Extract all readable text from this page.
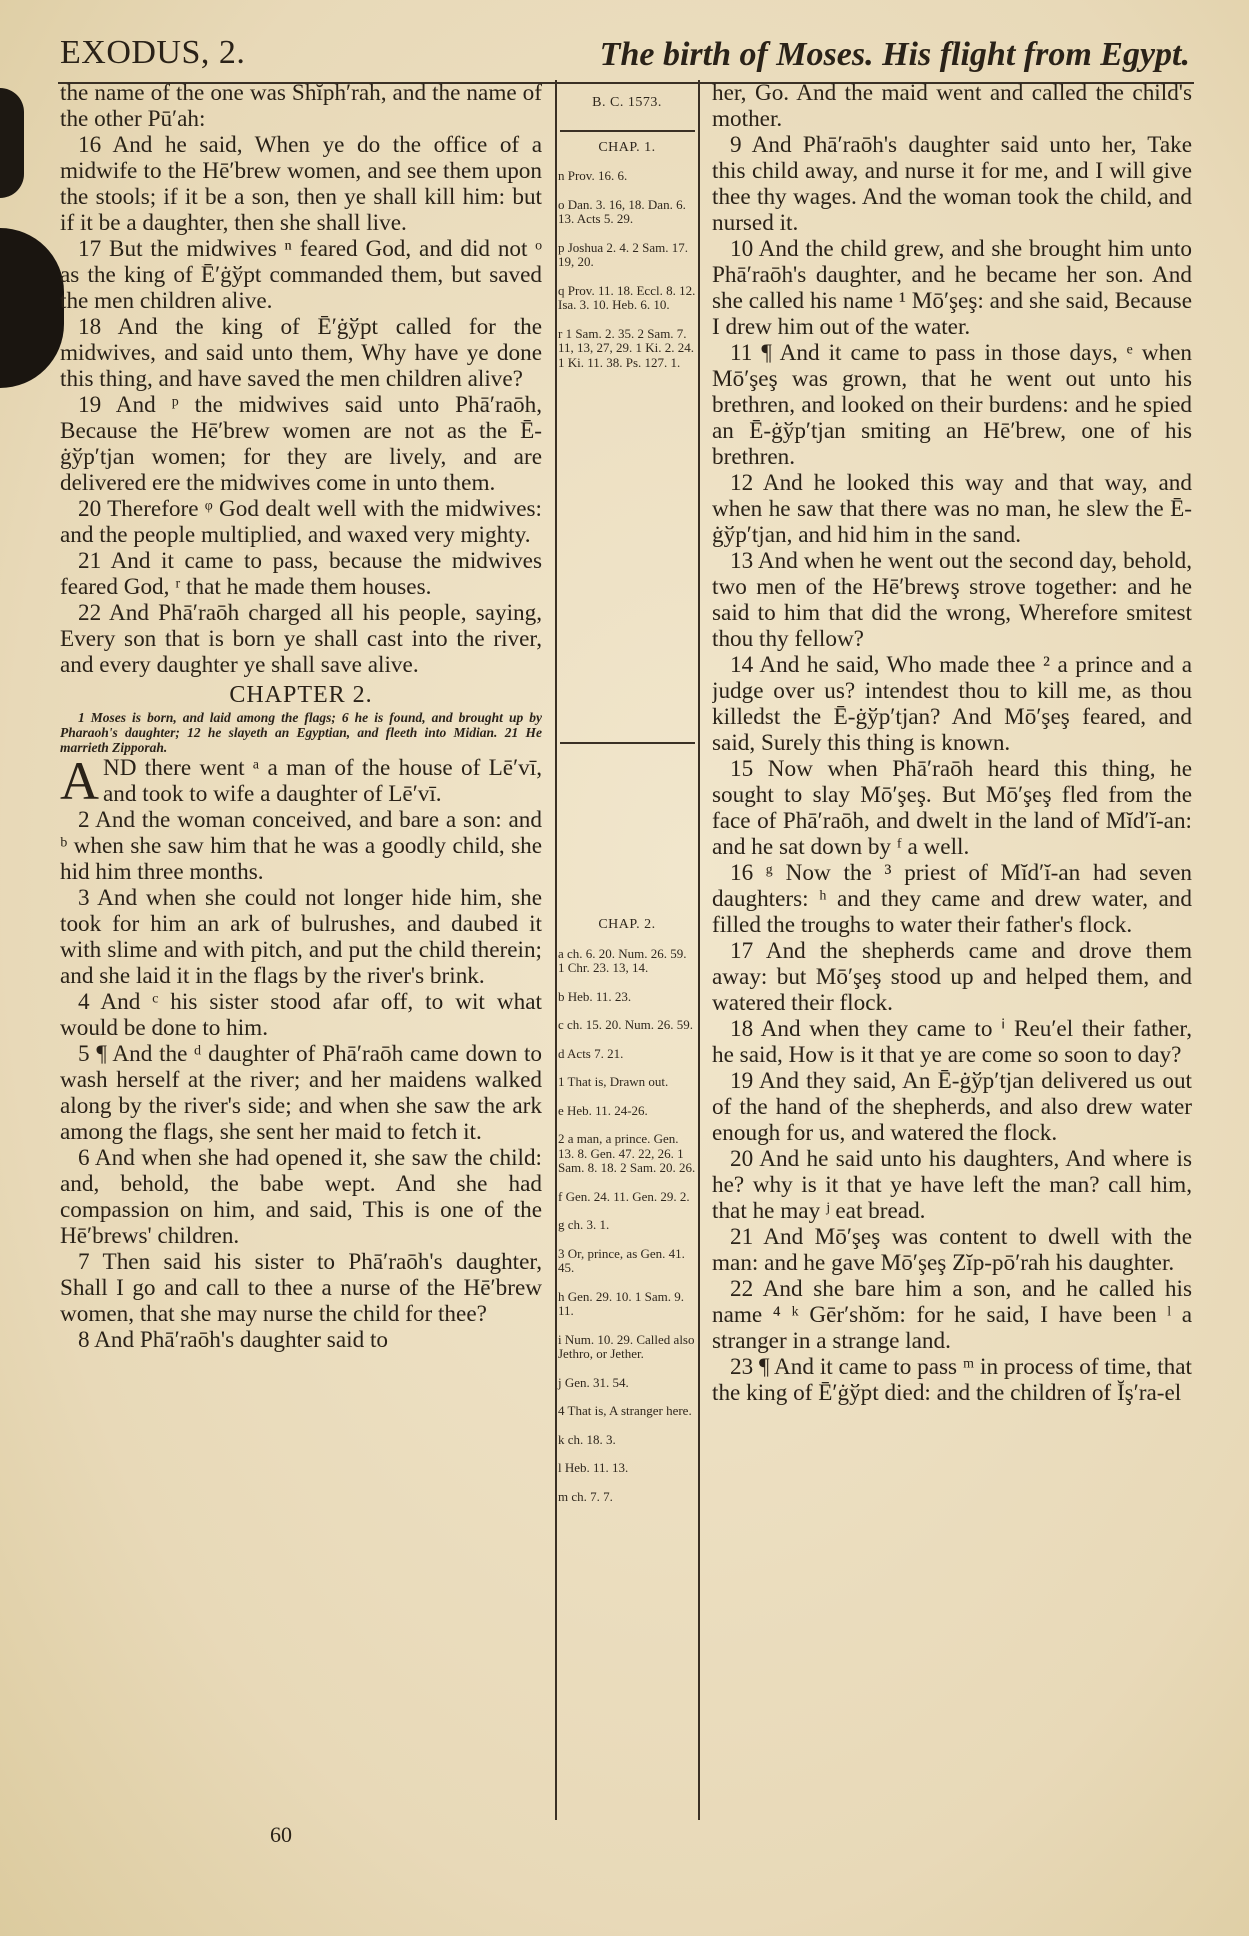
EXODUS, 2.	The birth of Moses. His flight from Egypt.

the name of the one was Shĭph′rah, and the name of the other Pū′ah:

16 And he said, When ye do the office of a midwife to the Hē′brew women, and see them upon the stools; if it be a son, then ye shall kill him: but if it be a daughter, then she shall live.

17 But the midwives ⁿ feared God, and did not ᵒ as the king of Ē′ġўpt commanded them, but saved the men children alive.

18 And the king of Ē′ġўpt called for the midwives, and said unto them, Why have ye done this thing, and have saved the men children alive?

19 And ᵖ the midwives said unto Phā′raōh, Because the Hē′brew women are not as the Ē-ġўp′tjan women; for they are lively, and are delivered ere the midwives come in unto them.

20 Therefore ᵠ God dealt well with the midwives: and the people multiplied, and waxed very mighty.

21 And it came to pass, because the midwives feared God, ʳ that he made them houses.

22 And Phā′raōh charged all his people, saying, Every son that is born ye shall cast into the river, and every daughter ye shall save alive.

CHAPTER 2.

1 Moses is born, and laid among the flags; 6 he is found, and brought up by Pharaoh's daughter; 12 he slayeth an Egyptian, and fleeth into Midian. 21 He marrieth Zipporah.

AND there went ᵃ a man of the house of Lē′vī, and took to wife a daughter of Lē′vī.

2 And the woman conceived, and bare a son: and ᵇ when she saw him that he was a goodly child, she hid him three months.

3 And when she could not longer hide him, she took for him an ark of bulrushes, and daubed it with slime and with pitch, and put the child therein; and she laid it in the flags by the river's brink.

4 And ᶜ his sister stood afar off, to wit what would be done to him.

5 ¶ And the ᵈ daughter of Phā′raōh came down to wash herself at the river; and her maidens walked along by the river's side; and when she saw the ark among the flags, she sent her maid to fetch it.

6 And when she had opened it, she saw the child: and, behold, the babe wept. And she had compassion on him, and said, This is one of the Hē′brews' children.

7 Then said his sister to Phā′raōh's daughter, Shall I go and call to thee a nurse of the Hē′brew women, that she may nurse the child for thee?

8 And Phā′raōh's daughter said to

B. C. 1573.
CHAP. 1.
n Prov. 16. 6.
o Dan. 3. 16, 18. Dan. 6. 13. Acts 5. 29.
p Joshua 2. 4. 2 Sam. 17. 19, 20.
q Prov. 11. 18. Eccl. 8. 12. Isa. 3. 10. Heb. 6. 10.
r 1 Sam. 2. 35. 2 Sam. 7. 11, 13, 27, 29. 1 Ki. 2. 24. 1 Ki. 11. 38. Ps. 127. 1.
CHAP. 2.
a ch. 6. 20. Num. 26. 59. 1 Chr. 23. 13, 14.
b Heb. 11. 23.
c ch. 15. 20. Num. 26. 59.
d Acts 7. 21.
1 That is, Drawn out.
e Heb. 11. 24-26.
2 a man, a prince. Gen. 13. 8. Gen. 47. 22, 26. 1 Sam. 8. 18. 2 Sam. 20. 26.
f Gen. 24. 11. Gen. 29. 2.
g ch. 3. 1.
3 Or, prince, as Gen. 41. 45.
h Gen. 29. 10. 1 Sam. 9. 11.
i Num. 10. 29. Called also Jethro, or Jether.
j Gen. 31. 54.
4 That is, A stranger here.
k ch. 18. 3.
l Heb. 11. 13.
m ch. 7. 7.

her, Go. And the maid went and called the child's mother.

9 And Phā′raōh's daughter said unto her, Take this child away, and nurse it for me, and I will give thee thy wages. And the woman took the child, and nursed it.

10 And the child grew, and she brought him unto Phā′raōh's daughter, and he became her son. And she called his name ¹ Mō′şeş: and she said, Because I drew him out of the water.

11 ¶ And it came to pass in those days, ᵉ when Mō′şeş was grown, that he went out unto his brethren, and looked on their burdens: and he spied an Ē-ġўp′tjan smiting an Hē′brew, one of his brethren.

12 And he looked this way and that way, and when he saw that there was no man, he slew the Ē-ġўp′tjan, and hid him in the sand.

13 And when he went out the second day, behold, two men of the Hē′brewş strove together: and he said to him that did the wrong, Wherefore smitest thou thy fellow?

14 And he said, Who made thee ² a prince and a judge over us? intendest thou to kill me, as thou killedst the Ē-ġўp′tjan? And Mō′şeş feared, and said, Surely this thing is known.

15 Now when Phā′raōh heard this thing, he sought to slay Mō′şeş. But Mō′şeş fled from the face of Phā′raōh, and dwelt in the land of Mĭd′ĭ-an: and he sat down by ᶠ a well.

16 ᵍ Now the ³ priest of Mĭd′ĭ-an had seven daughters: ʰ and they came and drew water, and filled the troughs to water their father's flock.

17 And the shepherds came and drove them away: but Mō′şeş stood up and helped them, and watered their flock.

18 And when they came to ⁱ Reu′el their father, he said, How is it that ye are come so soon to day?

19 And they said, An Ē-ġўp′tjan delivered us out of the hand of the shepherds, and also drew water enough for us, and watered the flock.

20 And he said unto his daughters, And where is he? why is it that ye have left the man? call him, that he may ʲ eat bread.

21 And Mō′şeş was content to dwell with the man: and he gave Mō′şeş Zĭp-pō′rah his daughter.

22 And she bare him a son, and he called his name ⁴ ᵏ Gēr′shŏm: for he said, I have been ˡ a stranger in a strange land.

23 ¶ And it came to pass ᵐ in process of time, that the king of Ē′ġўpt died: and the children of Ĭş′ra-el

60
